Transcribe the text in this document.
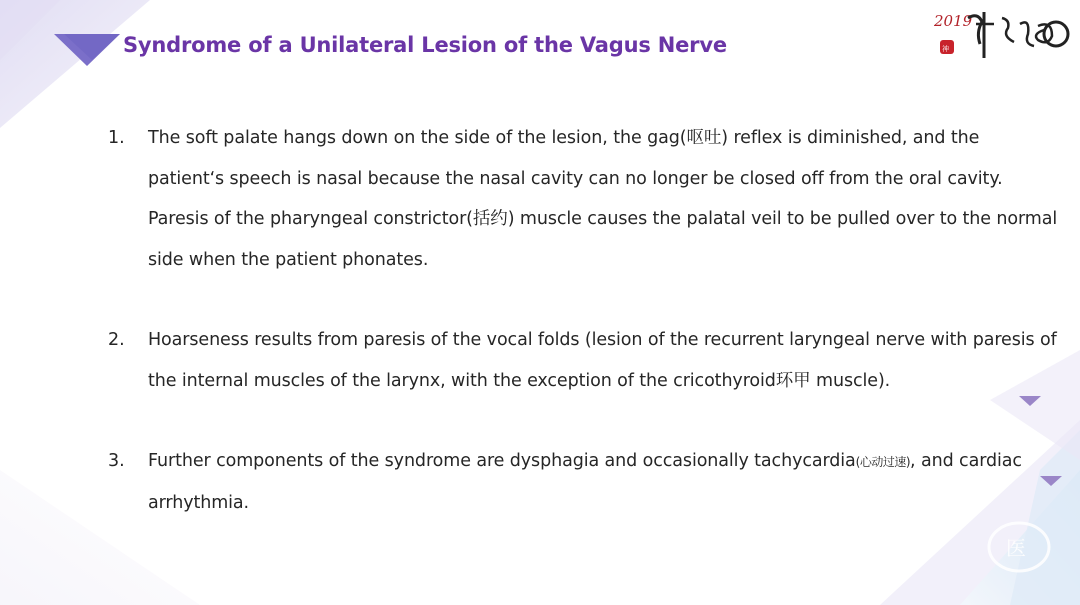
Syndrome of a Unilateral Lesion of the Vagus Nerve
2019
神
1. The soft palate hangs down on the side of the lesion, the gag(呕吐) reflex is diminished, and the patient‘s speech is nasal because the nasal cavity can no longer be closed off from the oral cavity. Paresis of the pharyngeal constrictor(括约) muscle causes the palatal veil to be pulled over to the normal side when the patient phonates.
2. Hoarseness results from paresis of the vocal folds (lesion of the recurrent laryngeal nerve with paresis of the internal muscles of the larynx, with the exception of the cricothyroid环甲 muscle).
3. Further components of the syndrome are dysphagia and occasionally tachycardia(心动过速), and cardiac arrhythmia.
医
